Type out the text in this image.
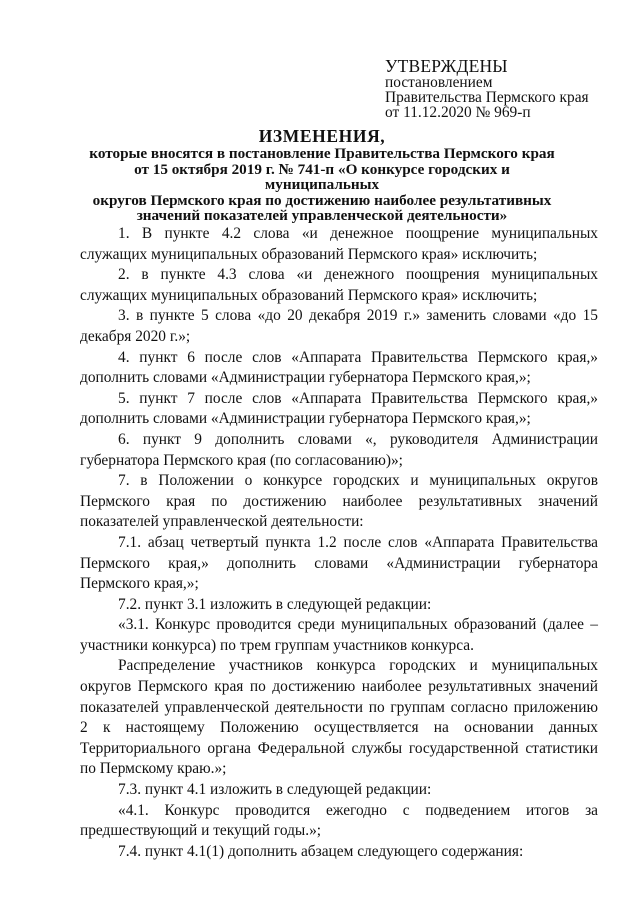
УТВЕРЖДЕНЫ
постановлением
Правительства Пермского края
от 11.12.2020 № 969-п
ИЗМЕНЕНИЯ,
которые вносятся в постановление Правительства Пермского края
от 15 октября 2019 г. № 741-п «О конкурсе городских и муниципальных
округов Пермского края по достижению наиболее результативных
значений показателей управленческой деятельности»

1. В пункте 4.2 слова «и денежное поощрение муниципальных служащих муниципальных образований Пермского края» исключить;

2. в пункте 4.3 слова «и денежного поощрения муниципальных служащих муниципальных образований Пермского края» исключить;

3. в пункте 5 слова «до 20 декабря 2019 г.» заменить словами «до 15 декабря 2020 г.»;

4. пункт 6 после слов «Аппарата Правительства Пермского края,» дополнить словами «Администрации губернатора Пермского края,»;

5. пункт 7 после слов «Аппарата Правительства Пермского края,» дополнить словами «Администрации губернатора Пермского края,»;

6. пункт 9 дополнить словами «, руководителя Администрации губернатора Пермского края (по согласованию)»;

7. в Положении о конкурсе городских и муниципальных округов Пермского края по достижению наиболее результативных значений показателей управленческой деятельности:

7.1. абзац четвертый пункта 1.2 после слов «Аппарата Правительства Пермского края,» дополнить словами «Администрации губернатора Пермского края,»;

7.2. пункт 3.1 изложить в следующей редакции:

«3.1. Конкурс проводится среди муниципальных образований (далее – участники конкурса) по трем группам участников конкурса.

Распределение участников конкурса городских и муниципальных округов Пермского края по достижению наиболее результативных значений показателей управленческой деятельности по группам согласно приложению 2 к настоящему Положению осуществляется на основании данных Территориального органа Федеральной службы государственной статистики по Пермскому краю.»;

7.3. пункт 4.1 изложить в следующей редакции:

«4.1. Конкурс проводится ежегодно с подведением итогов за предшествующий и текущий годы.»;

7.4. пункт 4.1(1) дополнить абзацем следующего содержания:
